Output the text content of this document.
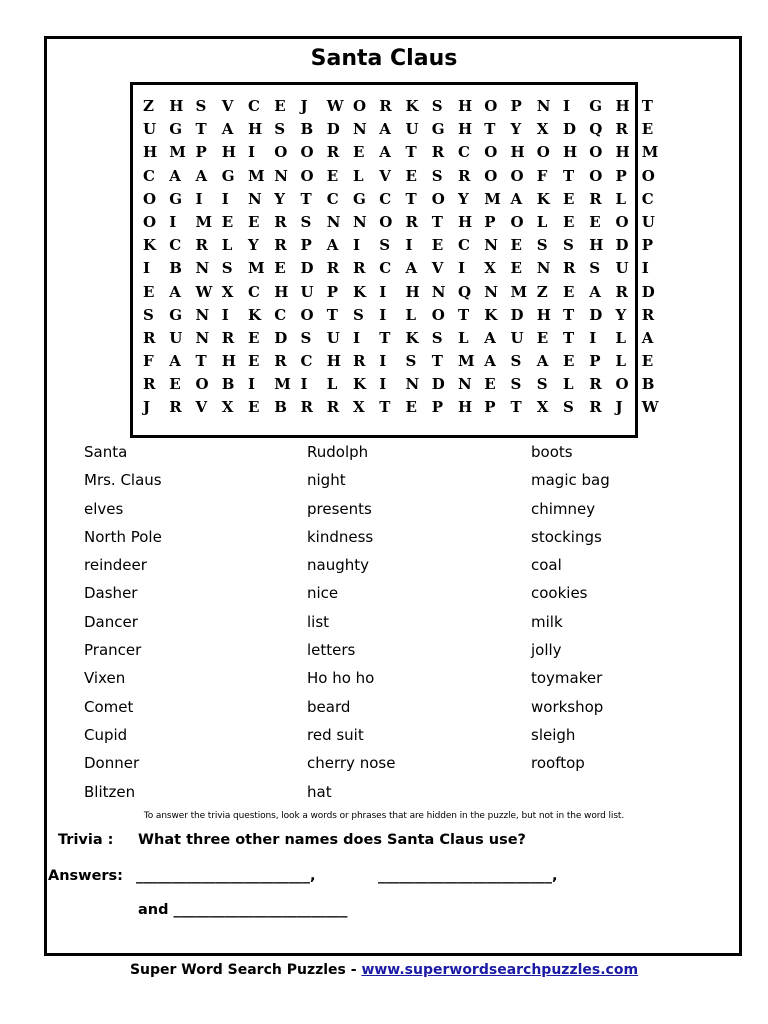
Santa Claus
Z	H S	V C E J	W O R K S	H O P N I	G H T
U G T	A H S	B D N A U G H T	Y	X D Q R E
H M P H I	O O R E A T	R C O H O H O H M
C A A G M N O E L	V E S	R O O F	T	O P O
O G I	I	N Y	T	C G C T	O Y	M A K E R L	C
O I	M E E R S	N N O R T	H P O L	E E O U
K C R L	Y	R P A I	S	I	E C N E S	S	H D P
I	B N S	M E D R R C A V I	X E N R S	U I
E A W X C H U P K I	H N Q N M Z	E A R D
S	G N I	K C O T	S	I	L	O T	K D H T	D Y	R
R U N R E D S	U I	T	K S	L	A U E T	I	L	A
F	A T	H E R C H R I	S	T	M A S	A E P L	E
R E O B I	M I	L	K I	N D N E S	S	L	R O B
J	R V X E B R R X T	E P H P T	X S	R J	W
Santa
Mrs. Claus
elves
North Pole
reindeer
Dasher
Dancer
Prancer
Vixen
Comet
Cupid
Donner
Blitzen
Rudolph
night
presents
kindness
naughty
nice
list
letters
Ho ho ho
beard
red suit
cherry nose
hat
boots
magic bag
chimney
stockings
coal
cookies
milk
jolly
toymaker
workshop
sleigh
rooftop
To answer the trivia questions, look a words or phrases that are hidden in the puzzle, but not in the word list.
Trivia : What three other names does Santa Claus use?
Answers: ________________________,	________________________,
and ________________________
Super Word Search Puzzles - www.superwordsearchpuzzles.com
